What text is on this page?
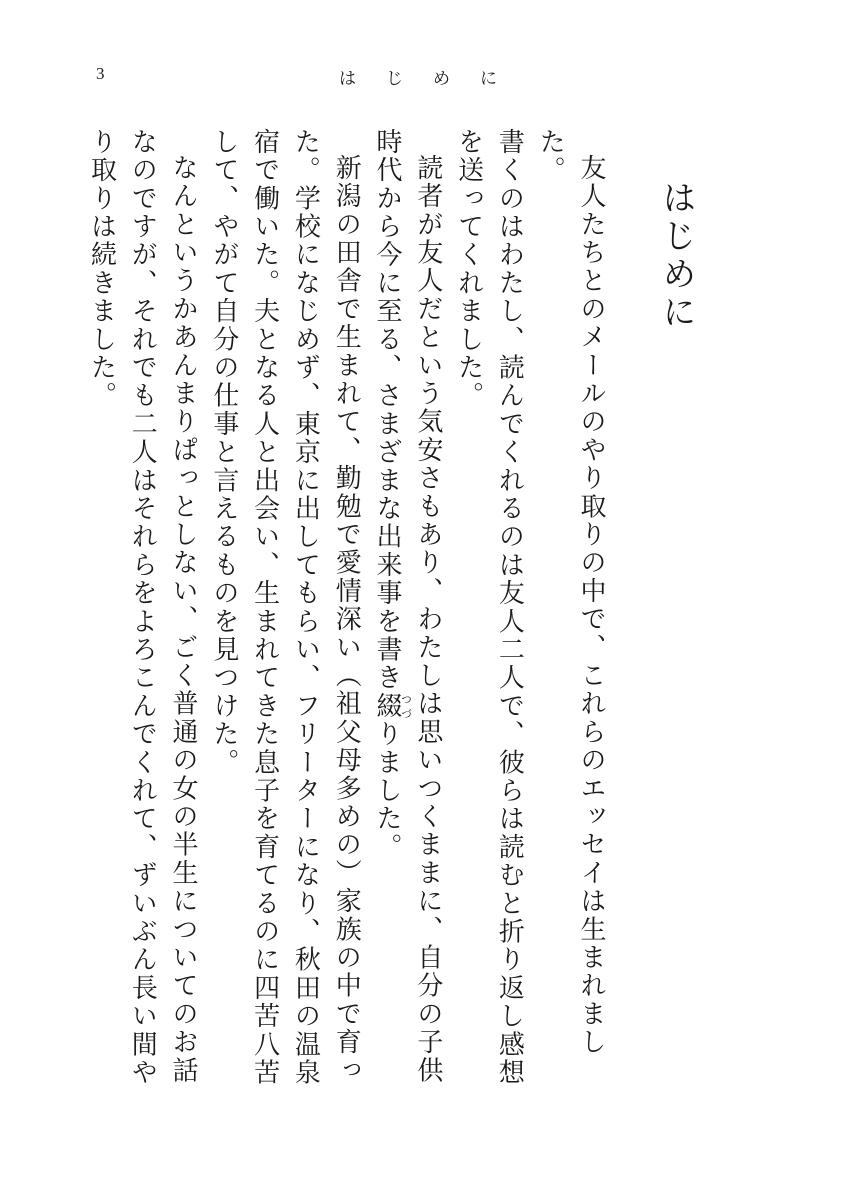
3	はじめに
はじめに

友人たちとのメールのやり取りの中で、これらのエッセイは生まれました。

書くのはわたし、読んでくれるのは友人二人で、彼らは読むと折り返し感想を送ってくれました。

読者が友人だという気安さもあり、わたしは思いつくままに、自分の子供時代から今に至る、さまざまな出来事を書き綴つづりました。

新潟の田舎で生まれて、勤勉で愛情深い（祖父母多めの）家族の中で育った。学校になじめず、東京に出してもらい、フリーターになり、秋田の温泉宿で働いた。夫となる人と出会い、生まれてきた息子を育てるのに四苦八苦して、やがて自分の仕事と言えるものを見つけた。

なんというかあんまりぱっとしない、ごく普通の女の半生についてのお話なのですが、それでも二人はそれらをよろこんでくれて、ずいぶん長い間やり取りは続きました。
